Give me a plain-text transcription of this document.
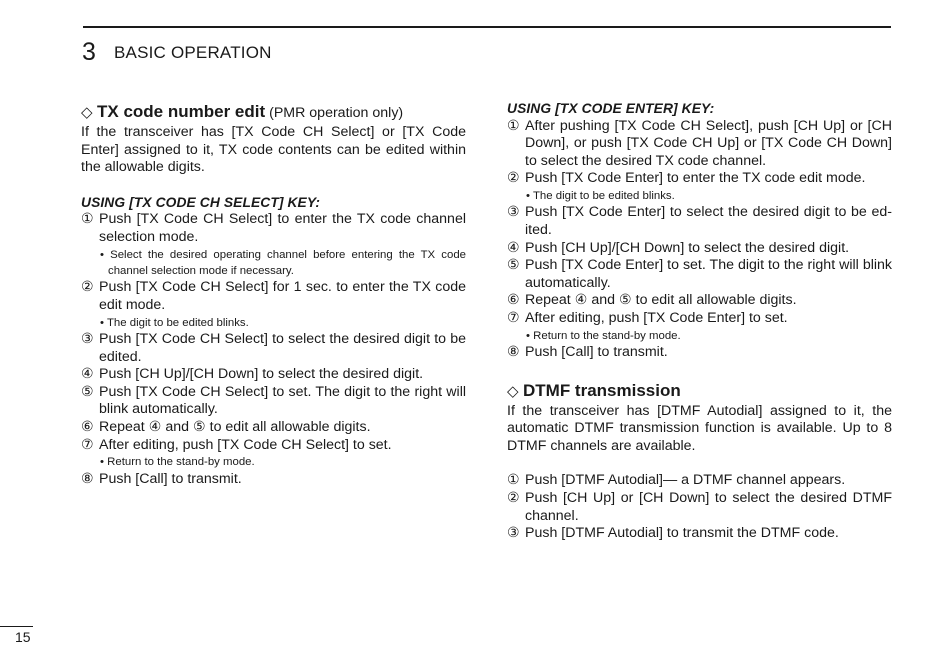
3 BASIC OPERATION

◇ TX code number edit (PMR operation only)

If the transceiver has [TX Code CH Select] or [TX Code Enter] assigned to it, TX code contents can be edited within the allowable digits.

USING [TX CODE CH SELECT] KEY:

① Push [TX Code CH Select] to enter the TX code channel selection mode.

• Select the desired operating channel before entering the TX code channel selection mode if necessary.

② Push [TX Code CH Select] for 1 sec. to enter the TX code edit mode.

• The digit to be edited blinks.

③ Push [TX Code CH Select] to select the desired digit to be edited.
④ Push [CH Up]/[CH Down] to select the desired digit.
⑤ Push [TX Code CH Select] to set. The digit to the right will blink automatically.
⑥ Repeat ④ and ⑤ to edit all allowable digits.
⑦ After editing, push [TX Code CH Select] to set.

• Return to the stand-by mode.

⑧ Push [Call] to transmit.

USING [TX CODE ENTER] KEY:

① After pushing [TX Code CH Select], push [CH Up] or [CH Down], or push [TX Code CH Up] or [TX Code CH Down] to select the desired TX code channel.
② Push [TX Code Enter] to enter the TX code edit mode.

• The digit to be edited blinks.

③ Push [TX Code Enter] to select the desired digit to be ed-ited.
④ Push [CH Up]/[CH Down] to select the desired digit.
⑤ Push [TX Code Enter] to set. The digit to the right will blink automatically.
⑥ Repeat ④ and ⑤ to edit all allowable digits.
⑦ After editing, push [TX Code Enter] to set.

• Return to the stand-by mode.

⑧ Push [Call] to transmit.

◇ DTMF transmission

If the transceiver has [DTMF Autodial] assigned to it, the automatic DTMF transmission function is available. Up to 8 DTMF channels are available.

① Push [DTMF Autodial]— a DTMF channel appears.
② Push [CH Up] or [CH Down] to select the desired DTMF channel.
③ Push [DTMF Autodial] to transmit the DTMF code.
15
